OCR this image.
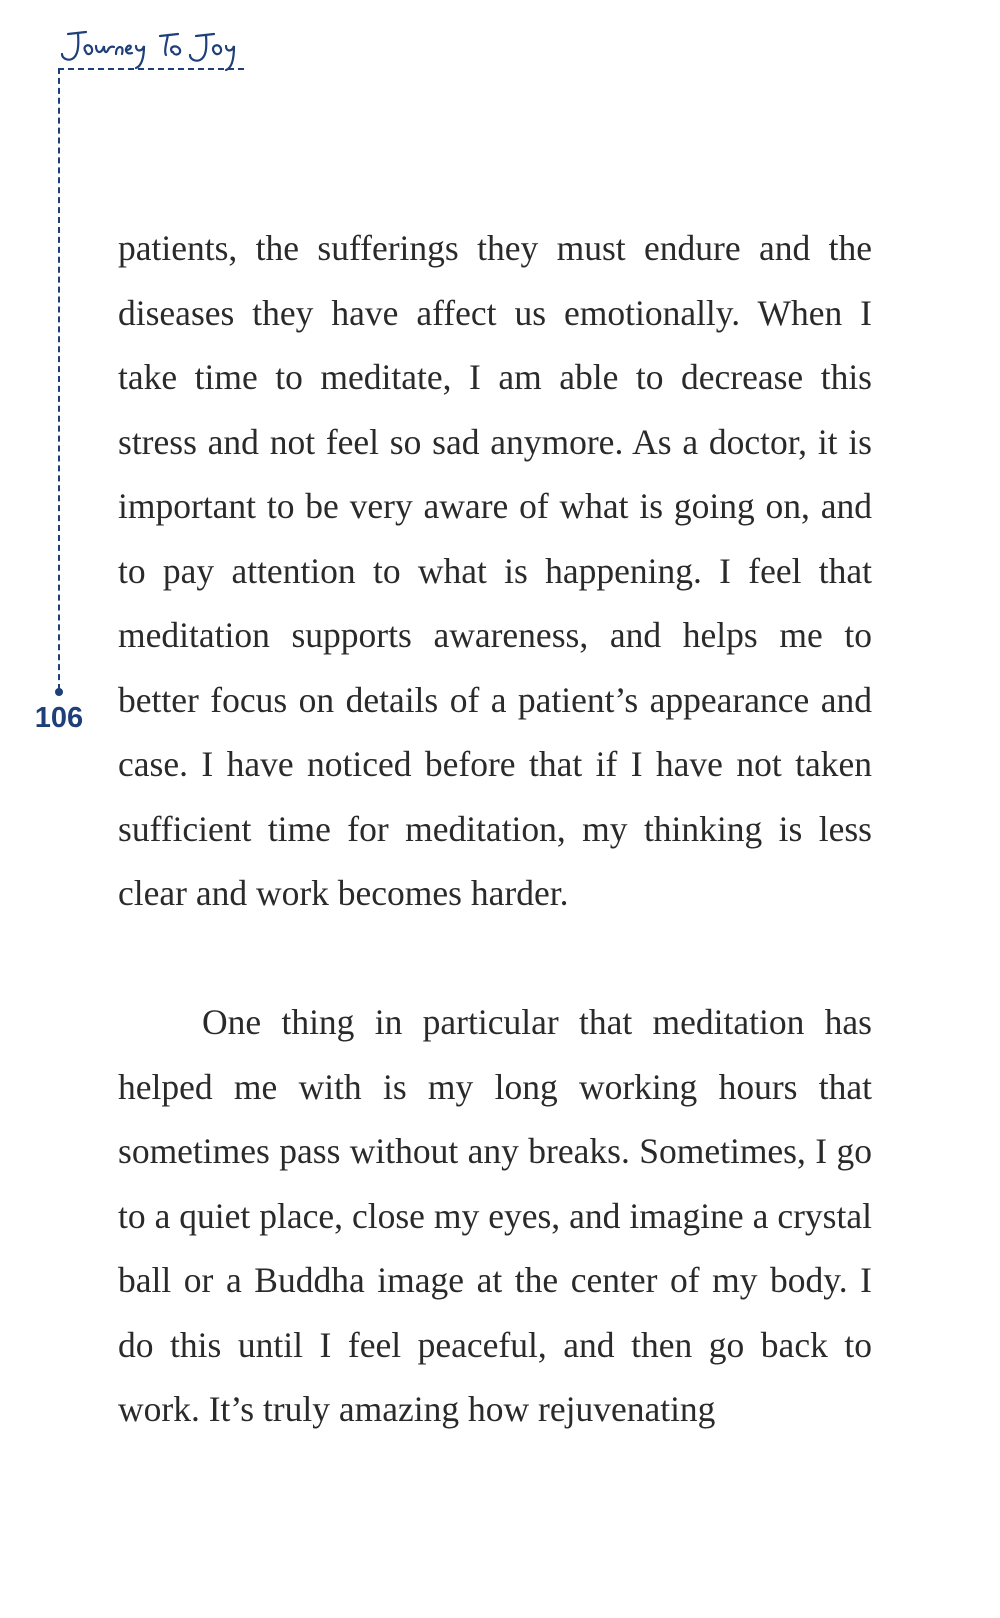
106

patients, the sufferings they must endure and the diseases they have affect us emotionally. When I take time to meditate, I am able to decrease this stress and not feel so sad anymore. As a doctor, it is important to be very aware of what is going on, and to pay attention to what is happening. I feel that meditation supports awareness, and helps me to better focus on details of a patient’s appearance and case. I have noticed before that if I have not taken sufficient time for meditation, my thinking is less clear and work becomes harder.

One thing in particular that meditation has helped me with is my long working hours that sometimes pass without any breaks. Sometimes, I go to a quiet place, close my eyes, and imagine a crystal ball or a Buddha image at the center of my body. I do this until I feel peaceful, and then go back to work. It’s truly amazing how rejuvenating
